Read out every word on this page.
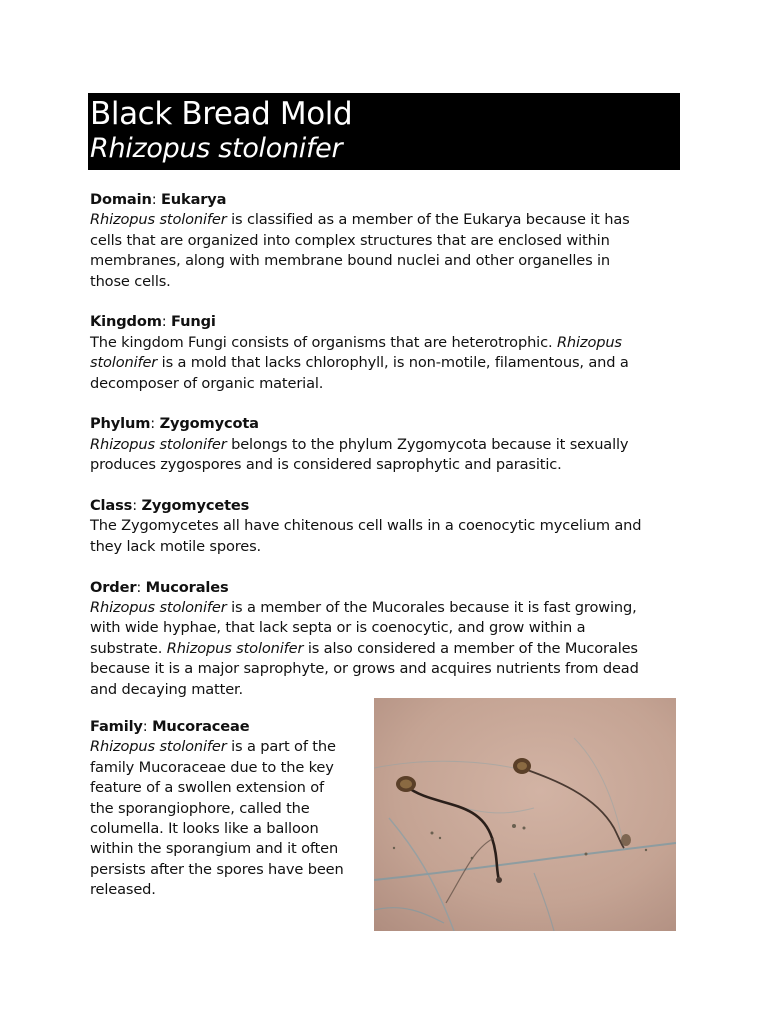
Black Bread Mold
Rhizopus stolonifer
Domain: Eukarya
Rhizopus stolonifer is classified as a member of the Eukarya because it has
cells that are organized into complex structures that are enclosed within
membranes, along with membrane bound nuclei and other organelles in
those cells.
Kingdom: Fungi
The kingdom Fungi consists of organisms that are heterotrophic. Rhizopus
stolonifer is a mold that lacks chlorophyll, is non-motile, filamentous, and a
decomposer of organic material.
Phylum: Zygomycota
Rhizopus stolonifer belongs to the phylum Zygomycota because it sexually
produces zygospores and is considered saprophytic and parasitic.
Class: Zygomycetes
The Zygomycetes all have chitenous cell walls in a coenocytic mycelium and
they lack motile spores.
Order: Mucorales
Rhizopus stolonifer is a member of the Mucorales because it is fast growing,
with wide hyphae, that lack septa or is coenocytic, and grow within a
substrate. Rhizopus stolonifer is also considered a member of the Mucorales
because it is a major saprophyte, or grows and acquires nutrients from dead
and decaying matter.
Family: Mucoraceae
Rhizopus stolonifer is a part of the
family Mucoraceae due to the key
feature of a swollen extension of
the sporangiophore, called the
columella. It looks like a balloon
within the sporangium and it often
persists after the spores have been
released.
